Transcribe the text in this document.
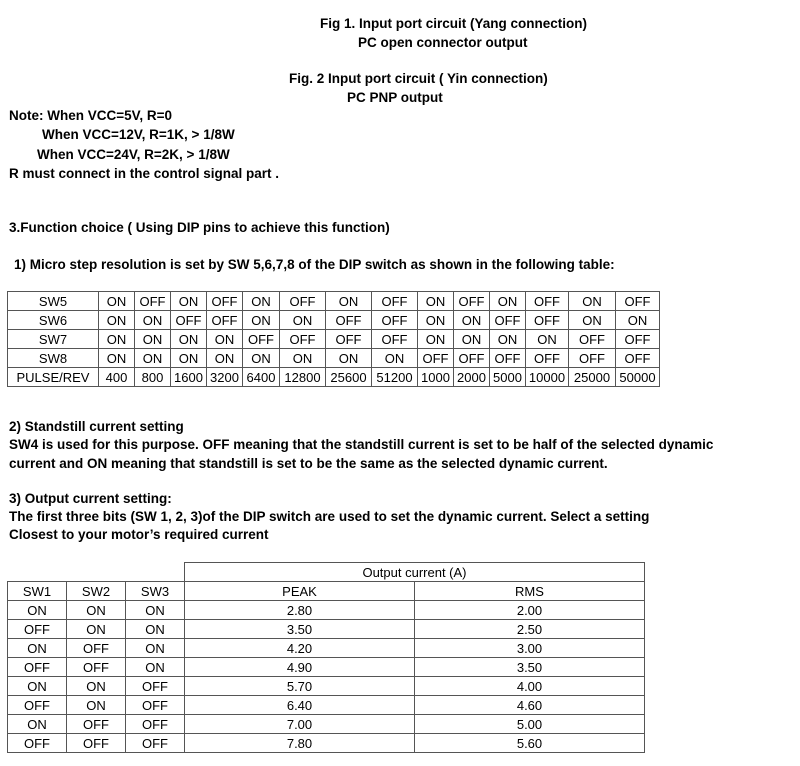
Fig 1. Input port circuit (Yang connection)
PC open connector output
Fig. 2 Input port circuit ( Yin connection)
PC PNP output
Note: When VCC=5V, R=0
When VCC=12V, R=1K, > 1/8W
When VCC=24V, R=2K, > 1/8W
R must connect in the control signal part .
3.Function choice ( Using DIP pins to achieve this function)
1) Micro step resolution is set by SW 5,6,7,8 of the DIP switch as shown in the following table:
SW5	ON	OFF	ON	OFF	ON	OFF	ON	OFF	ON	OFF	ON	OFF	ON	OFF
SW6	ON	ON	OFF	OFF	ON	ON	OFF	OFF	ON	ON	OFF	OFF	ON	ON
SW7	ON	ON	ON	ON	OFF	OFF	OFF	OFF	ON	ON	ON	ON	OFF	OFF
SW8	ON	ON	ON	ON	ON	ON	ON	ON	OFF	OFF	OFF	OFF	OFF	OFF
PULSE/REV	400	800	1600	3200	6400	12800	25600	51200	1000	2000	5000	10000	25000	50000
2) Standstill current setting
SW4 is used for this purpose. OFF meaning that the standstill current is set to be half of the selected dynamic
current and ON meaning that standstill is set to be the same as the selected dynamic current.
3) Output current setting:
The first three bits (SW 1, 2, 3)of the DIP switch are used to set the dynamic current. Select a setting
Closest to your motor’s required current
			Output current (A)	
SW1	SW2	SW3	PEAK	RMS
ON	ON	ON	2.80	2.00
OFF	ON	ON	3.50	2.50
ON	OFF	ON	4.20	3.00
OFF	OFF	ON	4.90	3.50
ON	ON	OFF	5.70	4.00
OFF	ON	OFF	6.40	4.60
ON	OFF	OFF	7.00	5.00
OFF	OFF	OFF	7.80	5.60
